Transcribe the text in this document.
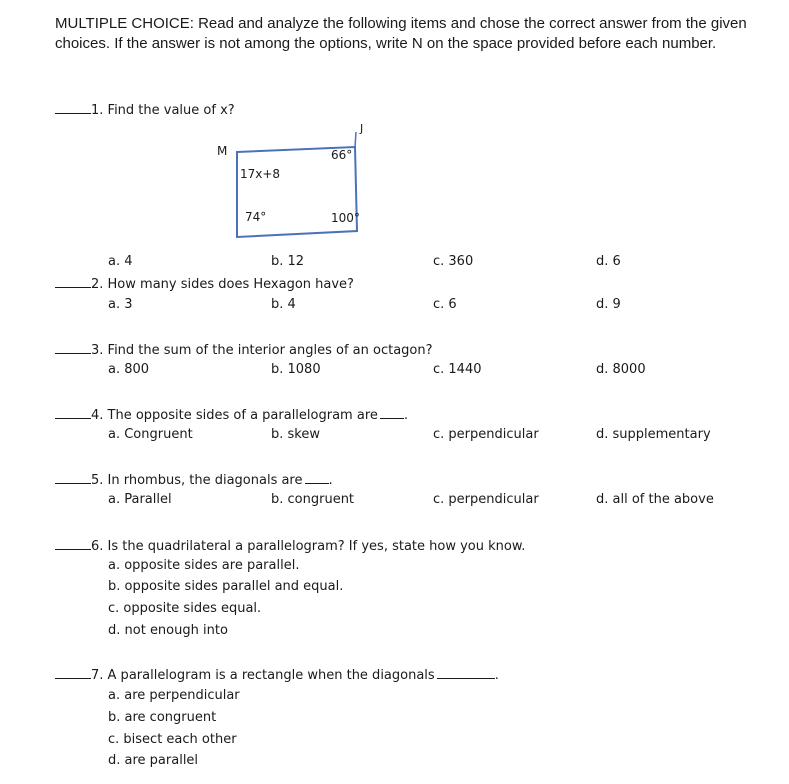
MULTIPLE CHOICE: Read and analyze the following items and chose the correct answer from the given choices. If the answer is not among the options, write N on the space provided before each number.
1. Find the value of x?
M
J
17x+8
74°
66°
100°
a. 4	b. 12	c. 360	d. 6
2. How many sides does Hexagon have?
a. 3	b. 4	c. 6	d. 9
3. Find the sum of the interior angles of an octagon?
a. 800	b. 1080	c. 1440	d. 8000
4. The opposite sides of a parallelogram are .
a. Congruent	b. skew	c. perpendicular	d. supplementary
5. In rhombus, the diagonals are .
a. Parallel	b. congruent	c. perpendicular	d. all of the above
6. Is the quadrilateral a parallelogram? If yes, state how you know.
a. opposite sides are parallel.
b. opposite sides parallel and equal.
c. opposite sides equal.
d. not enough into
7. A parallelogram is a rectangle when the diagonals	.
a. are perpendicular
b. are congruent
c. bisect each other
d. are parallel
